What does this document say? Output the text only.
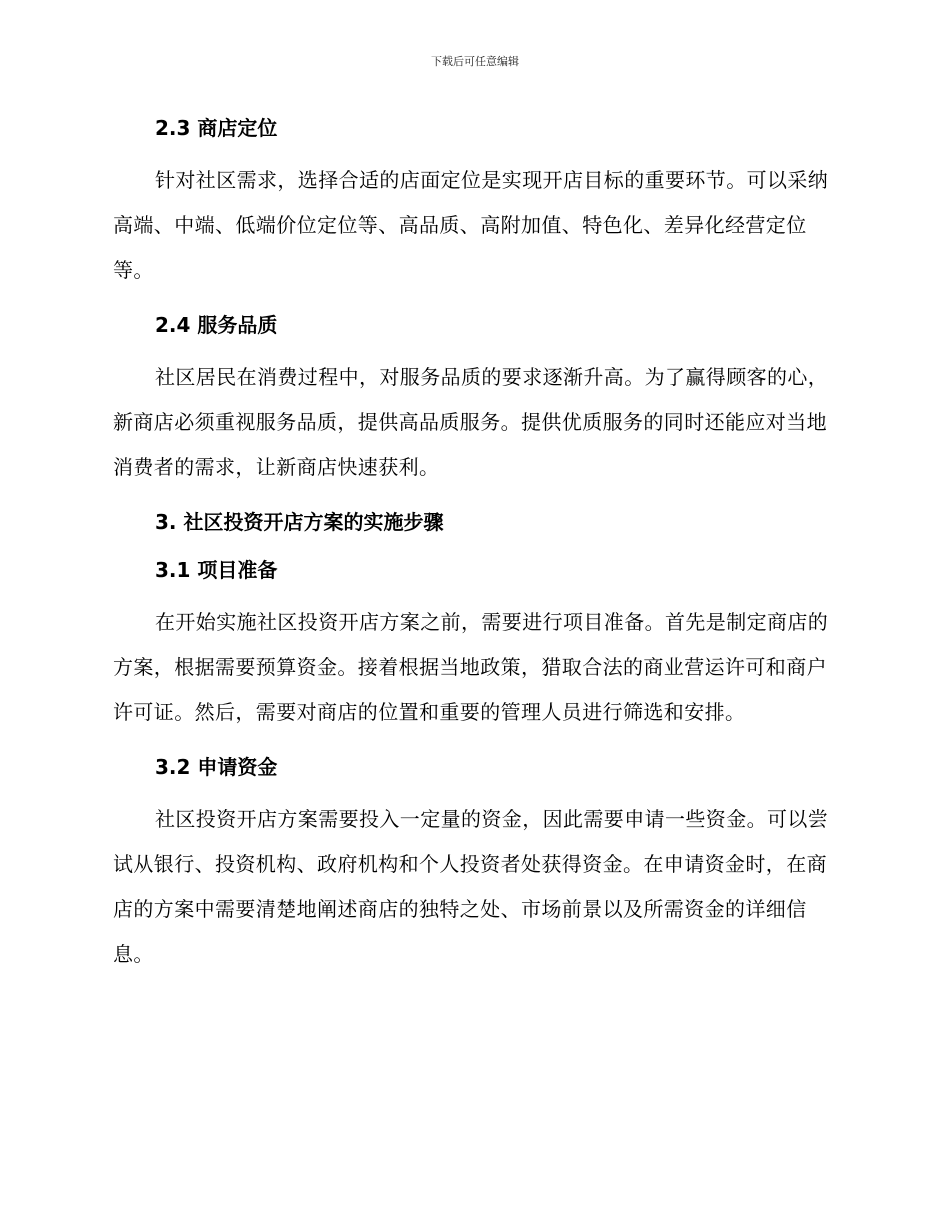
下载后可任意编辑
2.3 商店定位

针对社区需求，选择合适的店面定位是实现开店目标的重要环节。可以采纳高端、中端、低端价位定位等、高品质、高附加值、特色化、差异化经营定位等。

2.4 服务品质

社区居民在消费过程中，对服务品质的要求逐渐升高。为了赢得顾客的心，新商店必须重视服务品质，提供高品质服务。提供优质服务的同时还能应对当地消费者的需求，让新商店快速获利。

3. 社区投资开店方案的实施步骤
3.1 项目准备

在开始实施社区投资开店方案之前，需要进行项目准备。首先是制定商店的方案，根据需要预算资金。接着根据当地政策，猎取合法的商业营运许可和商户许可证。然后，需要对商店的位置和重要的管理人员进行筛选和安排。

3.2 申请资金

社区投资开店方案需要投入一定量的资金，因此需要申请一些资金。可以尝试从银行、投资机构、政府机构和个人投资者处获得资金。在申请资金时，在商店的方案中需要清楚地阐述商店的独特之处、市场前景以及所需资金的详细信息。
